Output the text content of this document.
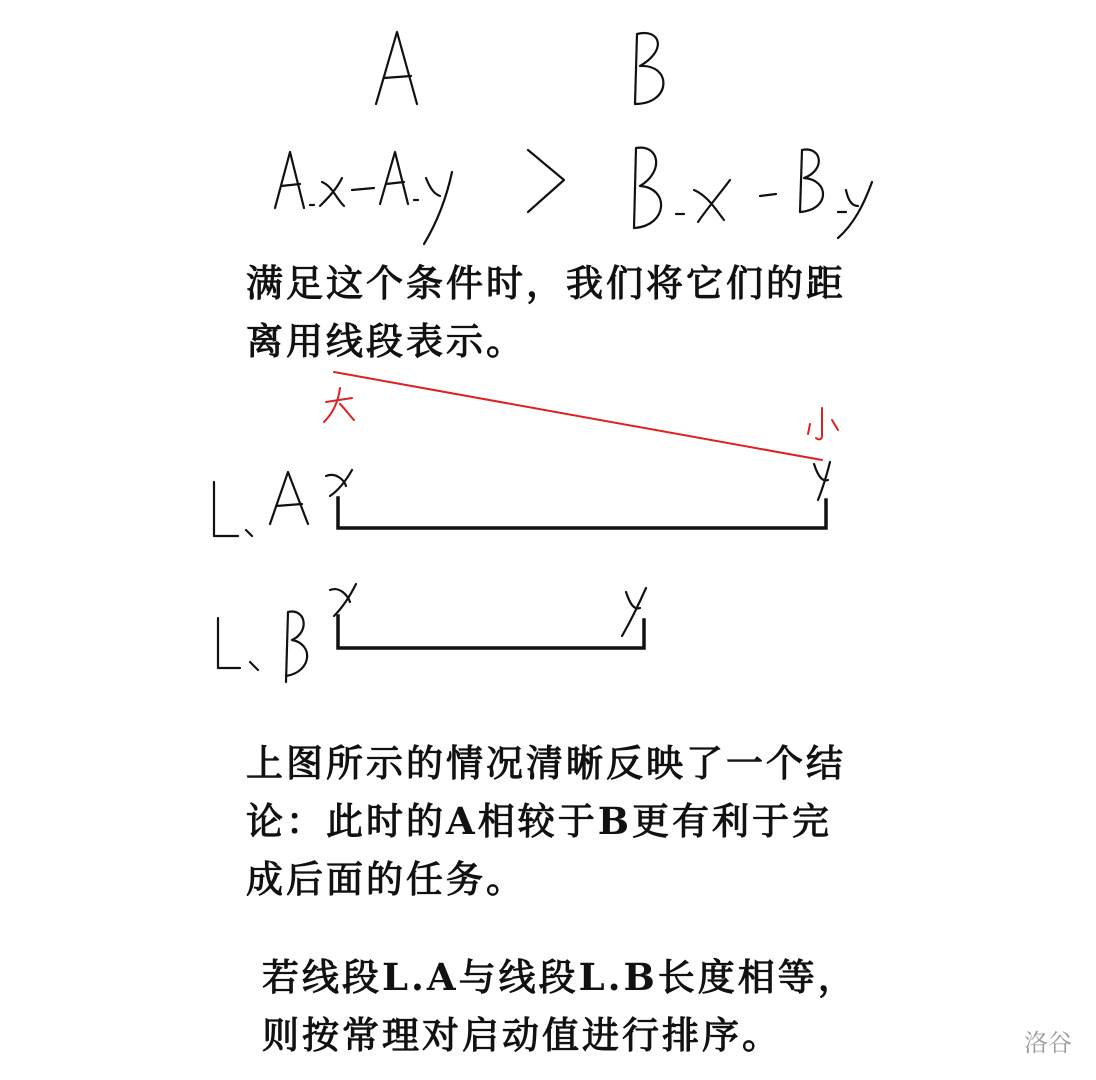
满足这个条件时，我们将它们的距
离用线段表示。
上图所示的情况清晰反映了一个结
论：此时的A相较于B更有利于完
成后面的任务。
若线段L.A与线段L.B长度相等，
则按常理对启动值进行排序。	洛谷
